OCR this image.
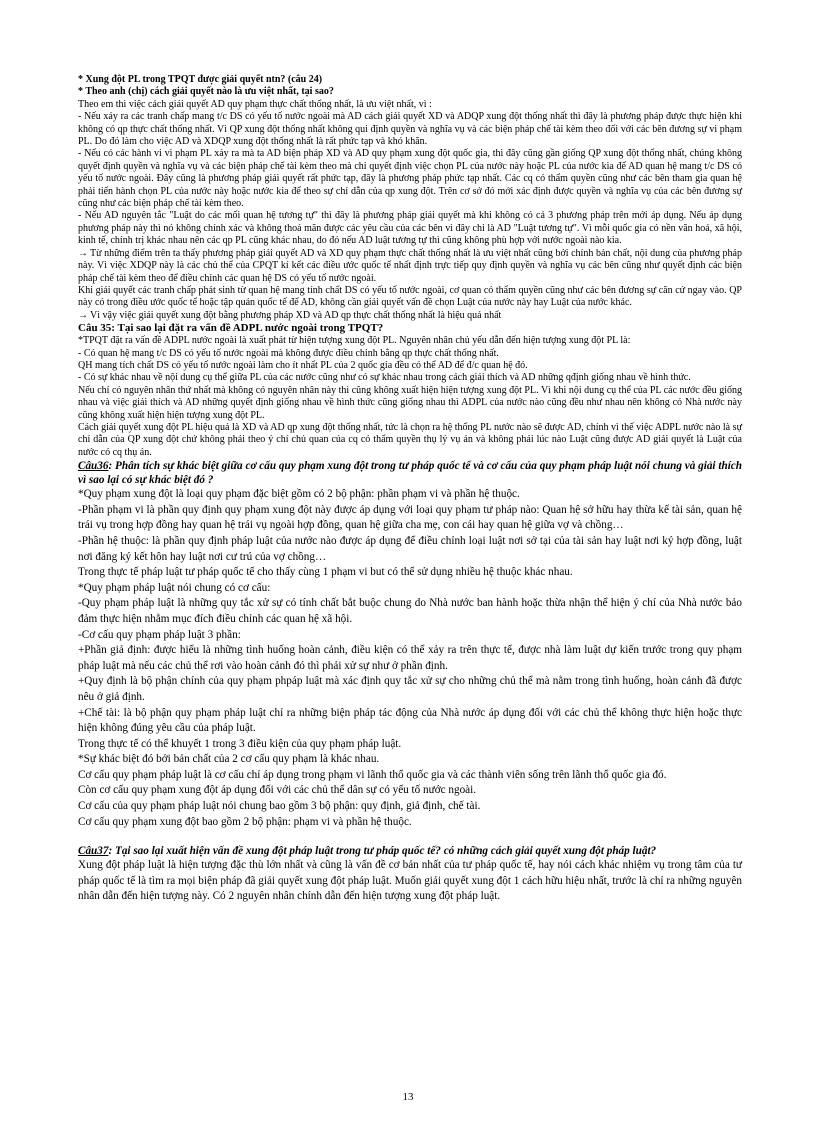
* Xung đột PL trong TPQT được giải quyết ntn? (câu 24)

* Theo anh (chị) cách giải quyết nào là ưu việt nhất, tại sao?

Theo em thì việc cách giải quyết AD quy phạm thực chất thống nhất, là ưu việt nhất, vì :

- Nếu xảy ra các tranh chấp mang t/c DS có yếu tố nước ngoài mà AD cách giải quyết XD và ADQP xung đột thống nhất thì đây là phương pháp được thực hiện khi không có qp thực chất thống nhất. Vì QP xung đột thống nhất không qui định quyền và nghĩa vụ và các biện pháp chế tài kèm theo đối với các bên đương sự vi phạm PL. Do đó làm cho việc AD và XDQP xung đột thống nhất là rất phức tạp và khó khăn.

- Nếu có các hành vi vi phạm PL xảy ra mà ta AD biện pháp XD và AD quy phạm xung đột quốc gia, thì đây cũng gần giống QP xung đột thống nhất, chúng không quyết định quyền và nghĩa vụ và các biện pháp chế tài kèm theo mà chỉ quyết định việc chọn PL của nước này hoặc PL của nước kia để AD quan hệ mang t/c DS có yếu tố nước ngoài. Đây cũng là phương pháp giải quyết rất phức tạp, đây là phương pháp phức tạp nhất. Các cq có thẩm quyền cũng như các bên tham gia quan hệ phải tiến hành chọn PL của nước này hoặc nước kia để theo sự chỉ dẫn của qp xung đột. Trên cơ sở đó mới xác định được quyền và nghĩa vụ của các bên đương sự cũng như các biện pháp chế tài kèm theo.

- Nếu AD nguyên tắc "Luật do các mối quan hệ tương tự" thì đây là phương pháp giải quyết mà khi không có cả 3 phương pháp trên mới áp dụng. Nếu áp dụng phương pháp này thì nó không chính xác và không thoả mãn được các yêu cầu của các bên vì đây chỉ là AD "Luật tương tự". Vì mỗi quốc gia có nền văn hoá, xã hội, kinh tế, chính trị khác nhau nên các qp PL cũng khác nhau, do đó nếu AD luật tương tự thì cũng không phù hợp với nước ngoài nào kia.

→ Từ những điểm trên ta thấy phương pháp giải quyết AD và XD quy phạm thực chất thống nhất là ưu việt nhất cũng bởi chính bản chất, nội dung của phương pháp này. Vì việc XDQP này là các chủ thể của CPQT kí kết các điều ước quốc tế nhất định trực tiếp quy định quyền và nghĩa vụ các bên cũng như quyết định các biện pháp chế tài kèm theo để điều chỉnh các quan hệ DS có yếu tố nước ngoài.

Khi giải quyết các tranh chấp phát sinh từ quan hệ mang tính chất DS có yếu tố nước ngoài, cơ quan có thẩm quyền cũng như các bên đương sự căn cứ ngay vào. QP này có trong điều ước quốc tế hoặc tập quán quốc tế để AD, không cần giải quyết vấn đề chọn Luật của nước này hay Luật của nước khác.

→ Vì vậy việc giải quyết xung đột bằng phương pháp XD và AD qp thực chất thống nhất là hiệu quả nhất

Câu 35: Tại sao lại đặt ra vấn đề ADPL nước ngoài trong TPQT?

*TPQT đặt ra vấn đề ADPL nước ngoài là xuất phát từ hiện tượng xung đột PL. Nguyên nhân chủ yếu dẫn đến hiện tượng xung đột PL là:

- Có quan hệ mang t/c DS có yếu tố nước ngoài mà không được điều chỉnh bằng qp thực chất thống nhất.

QH mang tích chất DS có yếu tố nước ngoài làm cho ít nhất PL của 2 quốc gia đều có thể AD để đ/c quan hệ đó.

- Có sự khác nhau về nội dung cụ thể giữa PL của các nước cũng như có sự khác nhau trong cách giải thích và AD những qđịnh giống nhau về hình thức.

Nếu chỉ có nguyên nhân thứ nhất mà không có nguyên nhân này thì cũng không xuất hiện hiện tượng xung đột PL. Vì khi nội dung cụ thể của PL các nước đều giống nhau và việc giải thích và AD những quyết định giống nhau về hình thức cũng giống nhau thì ADPL của nước nào cũng đều như nhau nên không có Nhà nước này cũng không xuất hiện hiện tượng xung đột PL.

Cách giải quyết xung đột PL hiệu quả là XD và AD qp xung đột thống nhất, tức là chọn ra hệ thống PL nước nào sẽ được AD, chính vì thế việc ADPL nước nào là sự chỉ dẫn của QP xung đột chứ không phải theo ý chí chủ quan của cq có thẩm quyền thụ lý vụ án và không phải lúc nào Luật cũng được AD giải quyết là Luật của nước có cq thụ án.

Câu36: Phân tích sự khác biệt giữa cơ cấu quy phạm xung đột trong tư pháp quốc tế và cơ cấu của quy phạm pháp luật nói chung và giải thích vì sao lại có sự khác biệt đó ?

*Quy phạm xung đột là loại quy phạm đặc biệt gồm có 2 bộ phận: phần phạm vi và phần hệ thuộc.

-Phần phạm vi là phần quy định quy phạm xung đột này được áp dụng với loại quy phạm tư pháp nào: Quan hệ sở hữu hay thừa kế tài sản, quan hệ trái vụ trong hợp đồng hay quan hệ trái vụ ngoài hợp đồng, quan hệ giữa cha mẹ, con cái hay quan hệ giữa vợ và chồng…

-Phần hệ thuộc: là phần quy định pháp luật của nước nào được áp dụng để điều chỉnh loại luật nơi sở tại của tài sản hay luật nơi ký hợp đồng, luật nơi đăng ký kết hôn hay luật nơi cư trú của vợ chồng…

Trong thực tế pháp luật tư pháp quốc tế cho thấy cùng 1 phạm vi but có thể sử dụng nhiều hệ thuộc khác nhau.

*Quy phạm pháp luật nói chung có cơ cấu:

-Quy phạm pháp luật là những quy tắc xử sự có tính chất bắt buộc chung do Nhà nước ban hành hoặc thừa nhận thể hiện ý chí của Nhà nước bảo đảm thực hiện nhằm mục đích điều chỉnh các quan hệ xã hội.

-Cơ cấu quy phạm pháp luật 3 phần:

+Phần giả định: được hiểu là những tình huống hoàn cảnh, điều kiện có thể xảy ra trên thực tế, được nhà làm luật dự kiến trước trong quy phạm pháp luật mà nếu các chủ thể rơi vào hoàn cảnh đó thì phải xử sự như ở phần định.

+Quy định là bộ phận chính của quy phạm phpáp luật mà xác định quy tắc xử sự cho những chủ thể mà nằm trong tình huống, hoàn cảnh đã được nêu ở giả định.

+Chế tài: là bộ phận quy phạm pháp luật chỉ ra những biện pháp tác động của Nhà nước áp dụng đối với các chủ thể không thực hiện hoặc thực hiện không đúng yêu cầu của pháp luật.

Trong thực tế có thể khuyết 1 trong 3 điều kiện của quy phạm pháp luật.

*Sự khác biệt đó bởi bản chất của 2 cơ cấu quy phạm là khác nhau.

Cơ cấu quy phạm pháp luật là cơ cấu chỉ áp dụng trong phạm vi lãnh thổ quốc gia và các thành viên sống trên lãnh thổ quốc gia đó.

Còn cơ cấu quy phạm xung đột áp dụng đối với các chủ thể dân sự có yếu tố nước ngoài.

Cơ cấu của quy phạm pháp luật nói chung bao gồm 3 bộ phận: quy định, giả định, chế tài.

Cơ cấu quy phạm xung đột bao gồm 2 bộ phận: phạm vi và phần hệ thuộc.

Câu37: Tại sao lại xuất hiện vấn đề xung đột pháp luật trong tư pháp quốc tế? có những cách giải quyết xung đột pháp luật?

Xung đột pháp luật là hiện tượng đặc thù lớn nhất và cũng là vấn đề cơ bản nhất của tư pháp quốc tế, hay nói cách khác nhiệm vụ trong tâm của tư pháp quốc tế là tìm ra mọi biện pháp đã giải quyết xung đột pháp luật. Muốn giải quyết xung đột 1 cách hữu hiệu nhất, trước là chỉ ra những nguyên nhân dẫn đến hiện tượng này. Có 2 nguyên nhân chính dẫn đến hiện tượng xung đột pháp luật.

13
